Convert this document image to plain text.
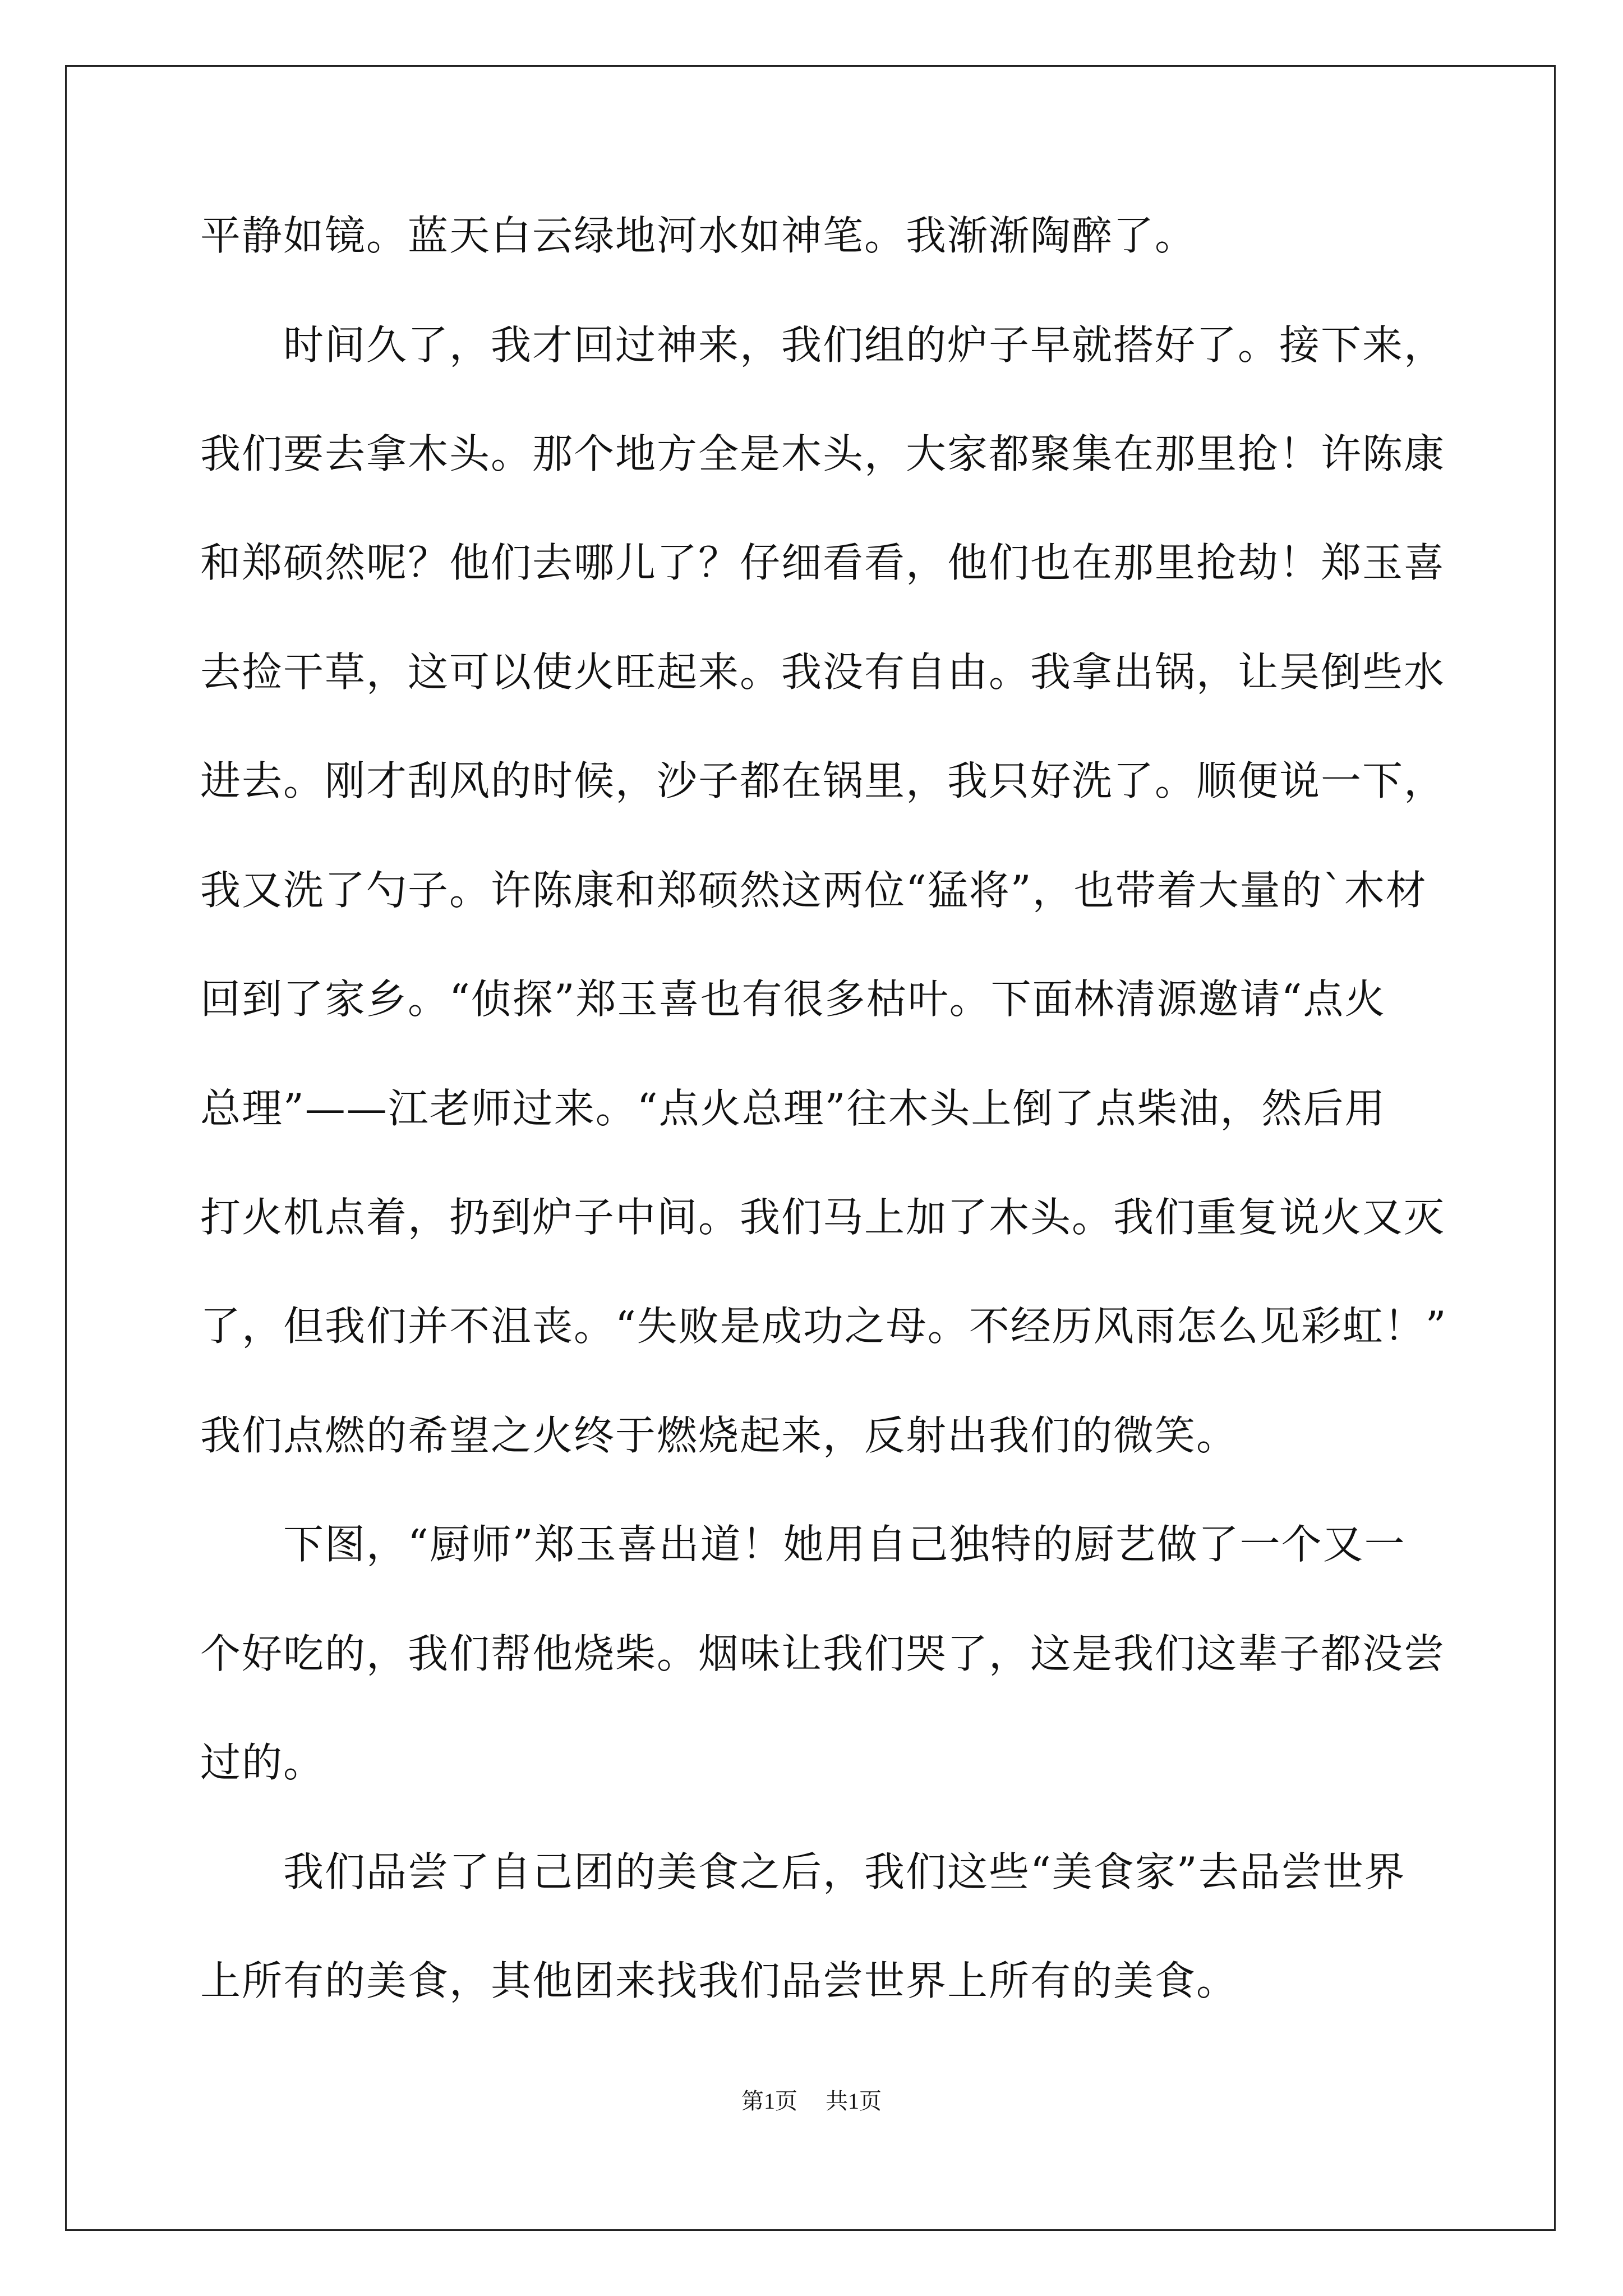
平静如镜。蓝天白云绿地河水如神笔。我渐渐陶醉了。
　　时间久了，我才回过神来，我们组的炉子早就搭好了。接下来，
我们要去拿木头。那个地方全是木头，大家都聚集在那里抢！许陈康
和郑硕然呢？他们去哪儿了？仔细看看，他们也在那里抢劫！郑玉喜
去捡干草，这可以使火旺起来。我没有自由。我拿出锅，让吴倒些水
进去。刚才刮风的时候，沙子都在锅里，我只好洗了。顺便说一下，
我又洗了勺子。许陈康和郑硕然这两位“猛将”，也带着大量的`木材
回到了家乡。“侦探”郑玉喜也有很多枯叶。下面林清源邀请“点火
总理”——江老师过来。“点火总理”往木头上倒了点柴油，然后用
打火机点着，扔到炉子中间。我们马上加了木头。我们重复说火又灭
了，但我们并不沮丧。“失败是成功之母。不经历风雨怎么见彩虹！”
我们点燃的希望之火终于燃烧起来，反射出我们的微笑。
　　下图，“厨师”郑玉喜出道！她用自己独特的厨艺做了一个又一
个好吃的，我们帮他烧柴。烟味让我们哭了，这是我们这辈子都没尝
过的。
　　我们品尝了自己团的美食之后，我们这些“美食家”去品尝世界
上所有的美食，其他团来找我们品尝世界上所有的美食。
第1页 共1页
